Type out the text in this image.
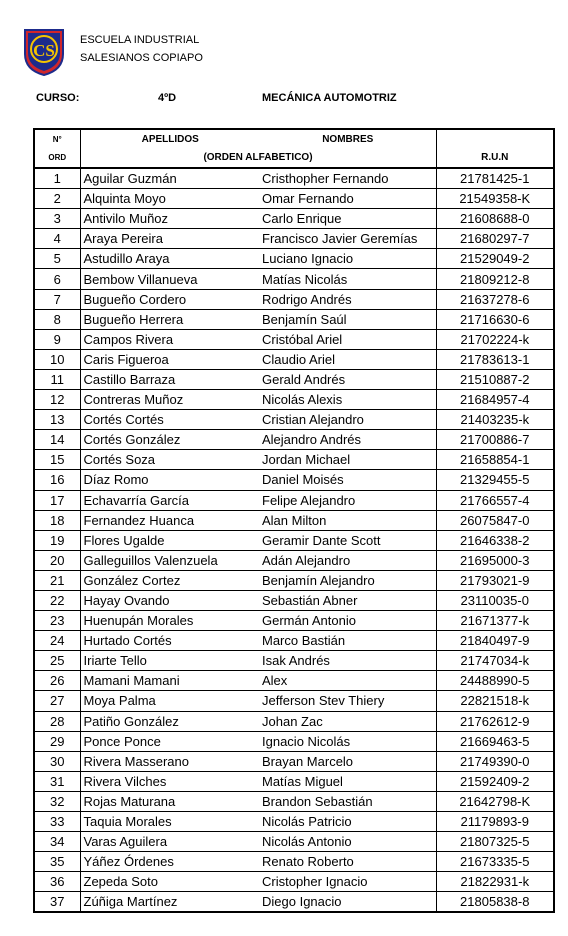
CS
ESCUELA INDUSTRIAL
SALESIANOS COPIAPO
CURSO:	4ºD	MECÁNICA AUTOMOTRIZ
N°	APELLIDOS	NOMBRES	
ORD	(ORDEN ALFABETICO)		R.U.N
1	Aguilar Guzmán	Cristhopher Fernando	21781425-1
2	Alquinta Moyo	Omar Fernando	21549358-K
3	Antivilo Muñoz	Carlo Enrique	21608688-0
4	Araya Pereira	Francisco Javier Geremías	21680297-7
5	Astudillo Araya	Luciano Ignacio	21529049-2
6	Bembow Villanueva	Matías Nicolás	21809212-8
7	Bugueño Cordero	Rodrigo Andrés	21637278-6
8	Bugueño Herrera	Benjamín Saúl	21716630-6
9	Campos Rivera	Cristóbal Ariel	21702224-k
10	Caris Figueroa	Claudio Ariel	21783613-1
11	Castillo Barraza	Gerald Andrés	21510887-2
12	Contreras Muñoz	Nicolás Alexis	21684957-4
13	Cortés Cortés	Cristian Alejandro	21403235-k
14	Cortés González	Alejandro Andrés	21700886-7
15	Cortés Soza	Jordan Michael	21658854-1
16	Díaz Romo	Daniel Moisés	21329455-5
17	Echavarría García	Felipe Alejandro	21766557-4
18	Fernandez Huanca	Alan Milton	26075847-0
19	Flores Ugalde	Geramir Dante Scott	21646338-2
20	Galleguillos Valenzuela	Adán Alejandro	21695000-3
21	González Cortez	Benjamín Alejandro	21793021-9
22	Hayay Ovando	Sebastián Abner	23110035-0
23	Huenupán Morales	Germán Antonio	21671377-k
24	Hurtado Cortés	Marco Bastián	21840497-9
25	Iriarte Tello	Isak Andrés	21747034-k
26	Mamani Mamani	Alex	24488990-5
27	Moya Palma	Jefferson Stev Thiery	22821518-k
28	Patiño González	Johan Zac	21762612-9
29	Ponce Ponce	Ignacio Nicolás	21669463-5
30	Rivera Masserano	Brayan Marcelo	21749390-0
31	Rivera Vilches	Matías Miguel	21592409-2
32	Rojas Maturana	Brandon Sebastián	21642798-K
33	Taquia Morales	Nicolás Patricio	21179893-9
34	Varas Aguilera	Nicolás Antonio	21807325-5
35	Yáñez Órdenes	Renato Roberto	21673335-5
36	Zepeda Soto	Cristopher Ignacio	21822931-k
37	Zúñiga Martínez	Diego Ignacio	21805838-8
